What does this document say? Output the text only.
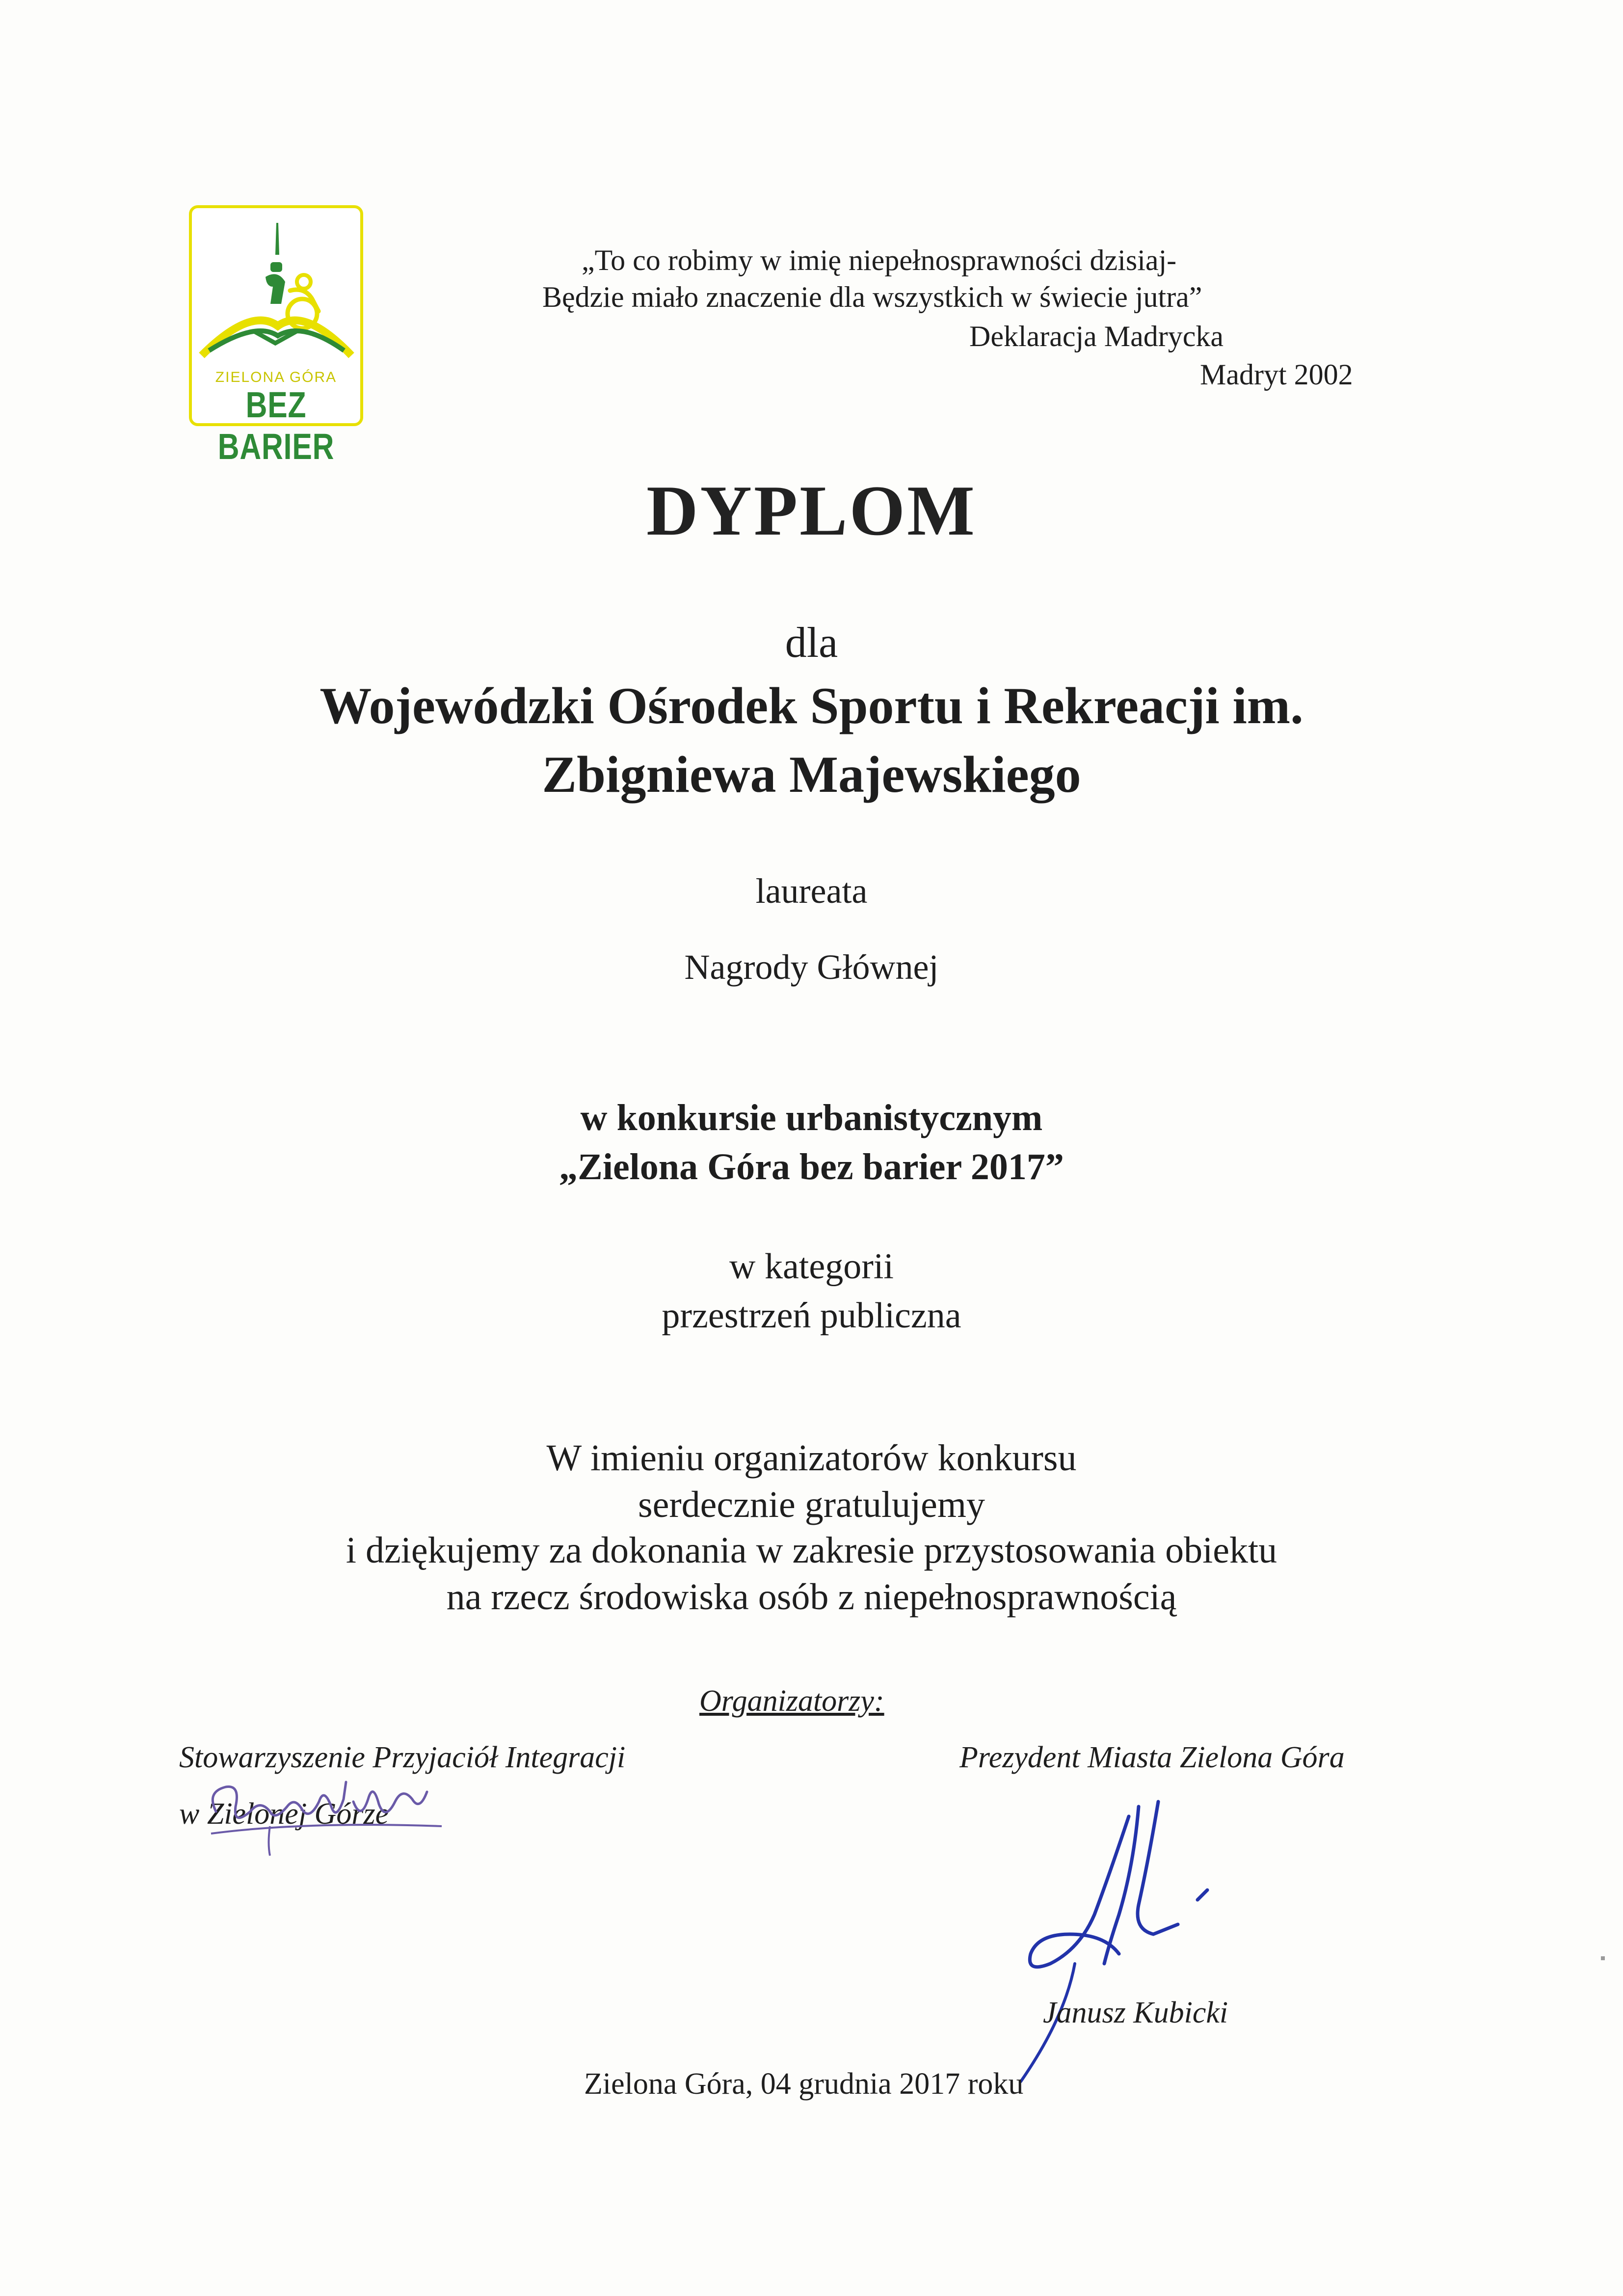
ZIELONA GÓRA
BEZ BARIER
„To co robimy w imię niepełnosprawności dzisiaj-
Będzie miało znaczenie dla wszystkich w świecie jutra”
Deklaracja Madrycka
Madryt 2002
DYPLOM
dla
Wojewódzki Ośrodek Sportu i Rekreacji im.
Zbigniewa Majewskiego
laureata
Nagrody Głównej
w konkursie urbanistycznym
„Zielona Góra bez barier 2017”
w kategorii
przestrzeń publiczna
W imieniu organizatorów konkursu
serdecznie gratulujemy
i dziękujemy za dokonania w zakresie przystosowania obiektu
na rzecz środowiska osób z niepełnosprawnością
Organizatorzy:
Stowarzyszenie Przyjaciół Integracji
w Zielonej Górze
Prezydent Miasta Zielona Góra
Janusz Kubicki
Zielona Góra, 04 grudnia 2017 roku
